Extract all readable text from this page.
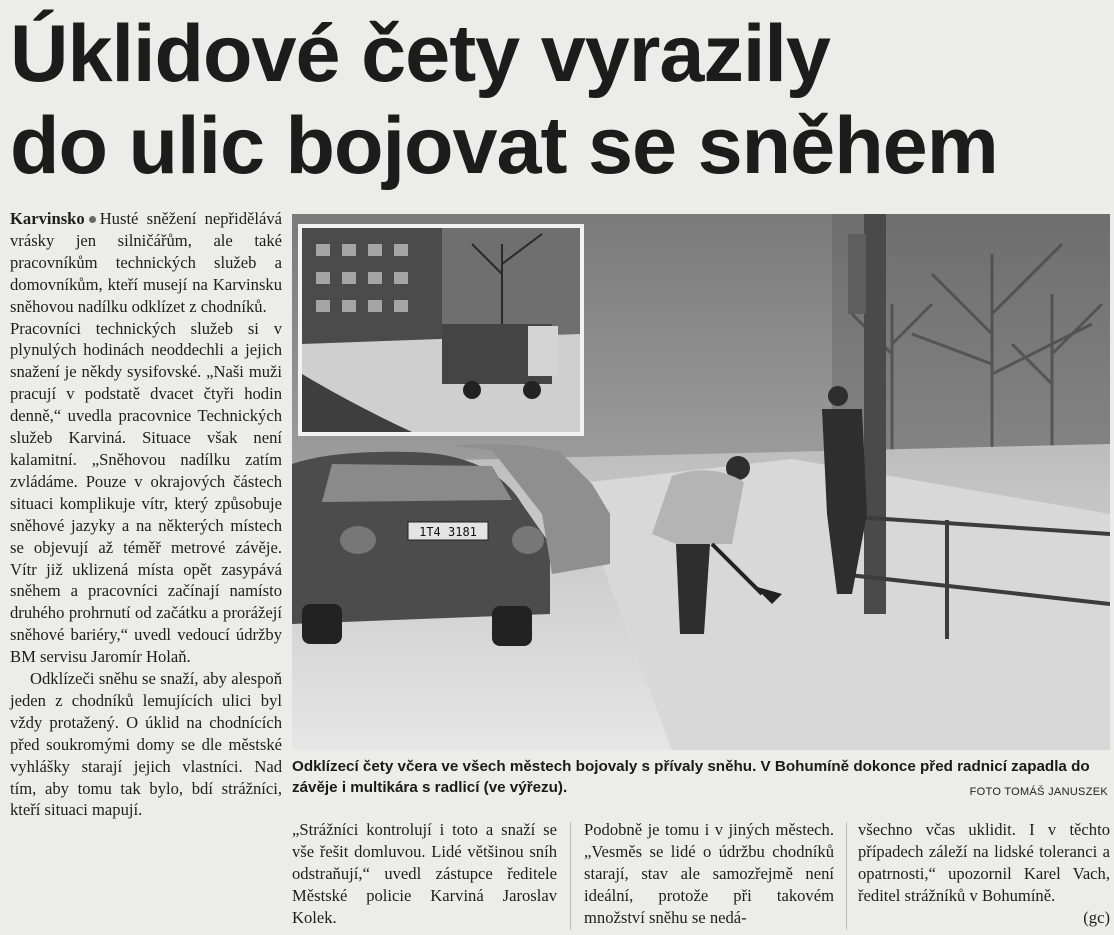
Úklidové čety vyrazily
do ulic bojovat se sněhem

Karvinsko Husté sněžení nepřidělává vrásky jen silničářům, ale také pracovníkům technických služeb a domovníkům, kteří musejí na Karvinsku sněhovou nadílku odklízet z chodníků.

Pracovníci technických služeb si v plynulých hodinách neoddechli a jejich snažení je někdy sysifovské. „Naši muži pracují v podstatě dvacet čtyři hodin denně,“ uvedla pracovnice Technických služeb Karviná. Situace však není kalamitní. „Sněhovou nadílku zatím zvládáme. Pouze v okrajových částech situaci komplikuje vítr, který způsobuje sněhové jazyky a na některých místech se objevují až téměř metrové závěje. Vítr již uklizená místa opět zasypává sněhem a pracovníci začínají namísto druhého prohrnutí od začátku a prorážejí sněhové bariéry,“ uvedl vedoucí údržby BM servisu Jaromír Holaň.

Odklízeči sněhu se snaží, aby alespoň jeden z chodníků lemujících ulici byl vždy protažený. O úklid na chodnících před soukromými domy se dle městské vyhlášky starají jejich vlastníci. Nad tím, aby tomu tak bylo, bdí strážníci, kteří situaci mapují.

1T4 3181
Odklízecí čety včera ve všech městech bojovaly s přívaly sněhu. V Bohumíně dokonce před radnicí zapadla do závěje i multikára s radlicí (ve výřezu).	FOTO TOMÁŠ JANUSZEK

„Strážníci kontrolují i toto a snaží se vše řešit domluvou. Lidé většinou sníh odstraňují,“ uvedl zástupce ředitele Městské policie Karviná Jaroslav Kolek.

Podobně je tomu i v jiných městech. „Vesměs se lidé o údržbu chodníků starají, stav ale samozřejmě není ideální, protože při takovém množství sněhu se nedá-

všechno včas uklidit. I v těchto případech záleží na lidské toleranci a opatrnosti,“ upozornil Karel Vach, ředitel strážníků v Bohumíně.

(gc)
